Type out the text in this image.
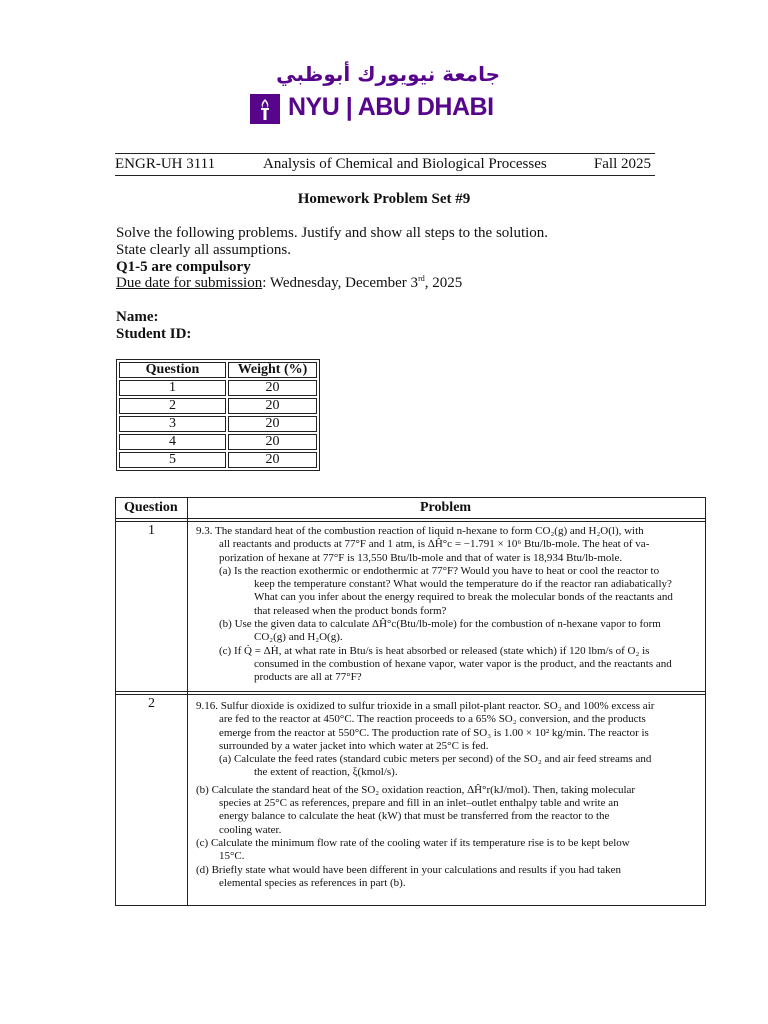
جامعة نيويورك أبوظبي
NYU | ABU DHABI
ENGR-UH 3111	Analysis of Chemical and Biological Processes	Fall 2025
Homework Problem Set #9
Solve the following problems. Justify and show all steps to the solution.
State clearly all assumptions.
Q1-5 are compulsory
Due date for submission: Wednesday, December 3rd, 2025
Name:
Student ID:
Question	Weight (%)
1	20
2	20
3	20
4	20
5	20
Question	Problem
1	9.3. The standard heat of the combustion reaction of liquid n-hexane to form CO₂(g) and H₂O(l), with
all reactants and products at 77°F and 1 atm, is ΔĤ°c = −1.791 × 10⁶ Btu/lb-mole. The heat of va-
porization of hexane at 77°F is 13,550 Btu/lb-mole and that of water is 18,934 Btu/lb-mole.
(a) Is the reaction exothermic or endothermic at 77°F? Would you have to heat or cool the reactor to
keep the temperature constant? What would the temperature do if the reactor ran adiabatically?
What can you infer about the energy required to break the molecular bonds of the reactants and
that released when the product bonds form?
(b) Use the given data to calculate ΔĤ°c(Btu/lb-mole) for the combustion of n-hexane vapor to form
CO₂(g) and H₂O(g).
(c) If Q̇ = ΔḢ, at what rate in Btu/s is heat absorbed or released (state which) if 120 lbm/s of O₂ is
consumed in the combustion of hexane vapor, water vapor is the product, and the reactants and
products are all at 77°F?
2	9.16. Sulfur dioxide is oxidized to sulfur trioxide in a small pilot-plant reactor. SO₂ and 100% excess air
are fed to the reactor at 450°C. The reaction proceeds to a 65% SO₂ conversion, and the products
emerge from the reactor at 550°C. The production rate of SO₃ is 1.00 × 10² kg/min. The reactor is
surrounded by a water jacket into which water at 25°C is fed.
(a) Calculate the feed rates (standard cubic meters per second) of the SO₂ and air feed streams and
the extent of reaction, ξ(kmol/s).
(b) Calculate the standard heat of the SO₂ oxidation reaction, ΔĤ°r(kJ/mol). Then, taking molecular
species at 25°C as references, prepare and fill in an inlet–outlet enthalpy table and write an
energy balance to calculate the heat (kW) that must be transferred from the reactor to the
cooling water.
(c) Calculate the minimum flow rate of the cooling water if its temperature rise is to be kept below
15°C.
(d) Briefly state what would have been different in your calculations and results if you had taken
elemental species as references in part (b).
